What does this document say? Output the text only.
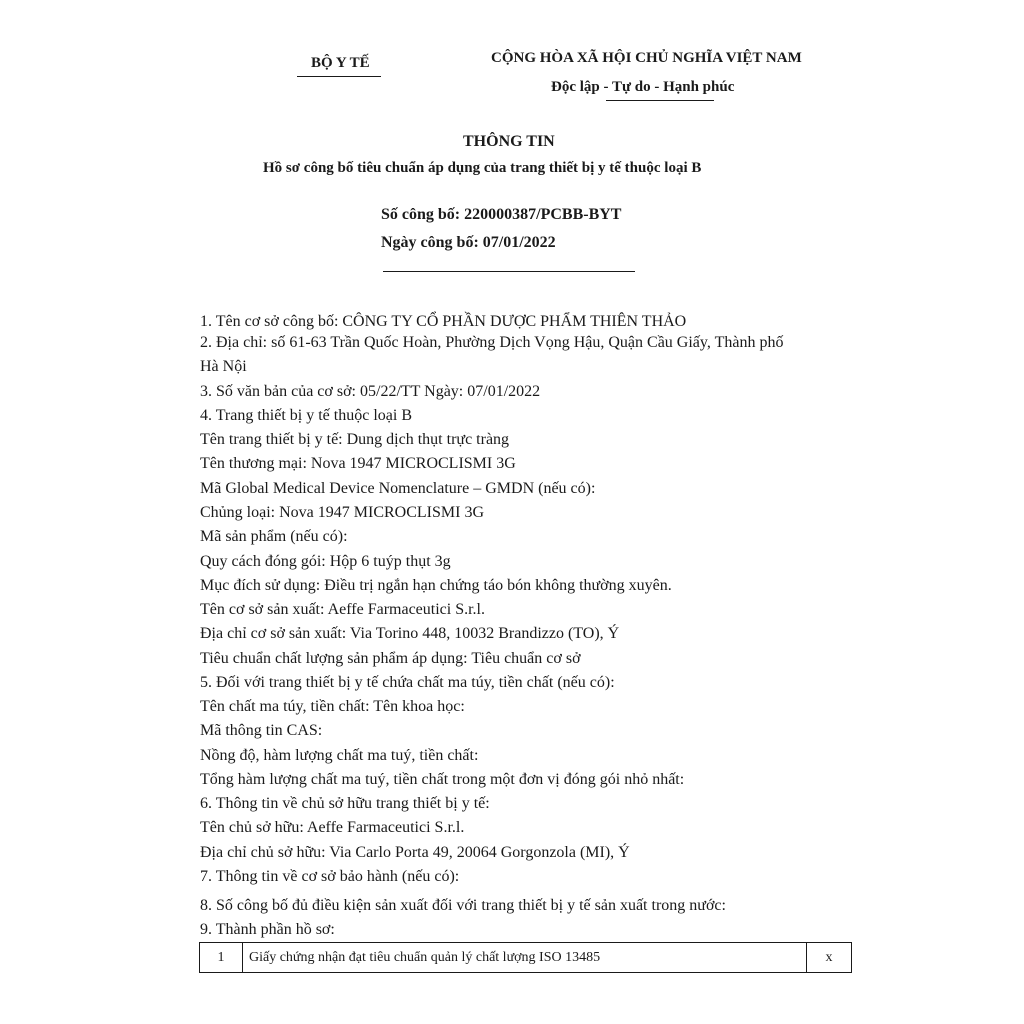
BỘ Y TẾ	CỘNG HÒA XÃ HỘI CHỦ NGHĨA VIỆT NAM
Độc lập - Tự do - Hạnh phúc
THÔNG TIN
Hồ sơ công bố tiêu chuẩn áp dụng của trang thiết bị y tế thuộc loại B
Số công bố: 220000387/PCBB-BYT
Ngày công bố: 07/01/2022
1. Tên cơ sở công bố: CÔNG TY CỔ PHẦN DƯỢC PHẨM THIÊN THẢO
2. Địa chỉ: số 61-63 Trần Quốc Hoàn, Phường Dịch Vọng Hậu, Quận Cầu Giấy, Thành phố
Hà Nội
3. Số văn bản của cơ sở: 05/22/TT Ngày: 07/01/2022
4. Trang thiết bị y tế thuộc loại B
Tên trang thiết bị y tế: Dung dịch thụt trực tràng
Tên thương mại: Nova 1947 MICROCLISMI 3G
Mã Global Medical Device Nomenclature – GMDN (nếu có):
Chủng loại: Nova 1947 MICROCLISMI 3G
Mã sản phẩm (nếu có):
Quy cách đóng gói: Hộp 6 tuýp thụt 3g
Mục đích sử dụng: Điều trị ngắn hạn chứng táo bón không thường xuyên.
Tên cơ sở sản xuất: Aeffe Farmaceutici S.r.l.
Địa chỉ cơ sở sản xuất: Via Torino 448, 10032 Brandizzo (TO), Ý
Tiêu chuẩn chất lượng sản phẩm áp dụng: Tiêu chuẩn cơ sở
5. Đối với trang thiết bị y tế chứa chất ma túy, tiền chất (nếu có):
Tên chất ma túy, tiền chất: Tên khoa học:
Mã thông tin CAS:
Nồng độ, hàm lượng chất ma tuý, tiền chất:
Tổng hàm lượng chất ma tuý, tiền chất trong một đơn vị đóng gói nhỏ nhất:
6. Thông tin về chủ sở hữu trang thiết bị y tế:
Tên chủ sở hữu: Aeffe Farmaceutici S.r.l.
Địa chỉ chủ sở hữu: Via Carlo Porta 49, 20064 Gorgonzola (MI), Ý
7. Thông tin về cơ sở bảo hành (nếu có):
8. Số công bố đủ điều kiện sản xuất đối với trang thiết bị y tế sản xuất trong nước:
9. Thành phần hồ sơ:
1	Giấy chứng nhận đạt tiêu chuẩn quản lý chất lượng ISO 13485	x
